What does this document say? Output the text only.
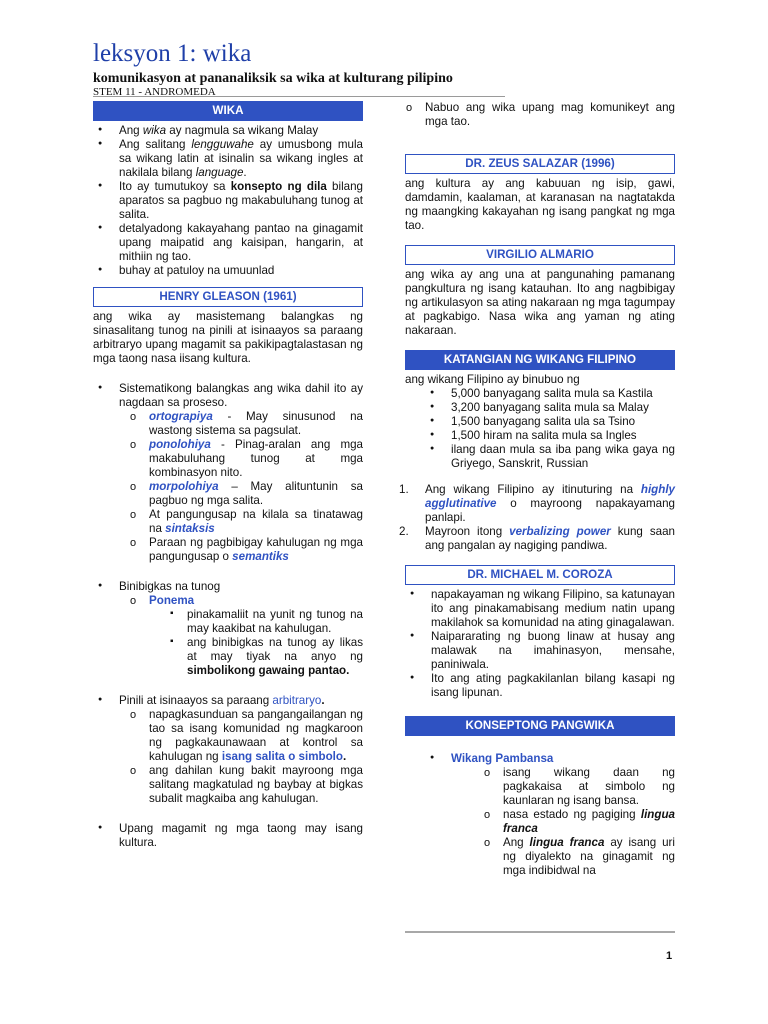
leksyon 1: wika
komunikasyon at pananaliksik sa wika at kulturang pilipino
STEM 11 - ANDROMEDA
WIKA
● Ang wika ay nagmula sa wikang Malay
● Ang salitang lengguwahe ay umusbong mula sa wikang latin at isinalin sa wikang ingles at nakilala bilang language.
● Ito ay tumutukoy sa konsepto ng dila bilang aparatos sa pagbuo ng makabuluhang tunog at salita.
● detalyadong kakayahang pantao na ginagamit upang maipatid ang kaisipan, hangarin, at mithiin ng tao.
● buhay at patuloy na umuunlad
HENRY GLEASON (1961)
ang wika ay masistemang balangkas ng sinasalitang tunog na pinili at isinaayos sa paraang arbitraryo upang magamit sa pakikipagtalastasan ng mga taong nasa iisang kultura.
● Sistematikong balangkas ang wika dahil ito ay nagdaan sa proseso.
o ortograpiya - May sinusunod na wastong sistema sa pagsulat.
o ponolohiya - Pinag-aralan ang mga makabuluhang tunog at mga kombinasyon nito.
o morpolohiya – May alituntunin sa pagbuo ng mga salita.
o At pangungusap na kilala sa tinatawag na sintaksis
o Paraan ng pagbibigay kahulugan ng mga pangungusap o semantiks
● Binibigkas na tunog
o Ponema
▪ pinakamaliit na yunit ng tunog na may kaakibat na kahulugan.
▪ ang binibigkas na tunog ay likas at may tiyak na anyo ng simbolikong gawaing pantao.
● Pinili at isinaayos sa paraang arbitraryo.
o napagkasunduan sa pangangailangan ng tao sa isang komunidad ng magkaroon ng pagkakaunawaan at kontrol sa kahulugan ng isang salita o simbolo.
o ang dahilan kung bakit mayroong mga salitang magkatulad ng baybay at bigkas subalit magkaiba ang kahulugan.
● Upang magamit ng mga taong may isang kultura.
o Nabuo ang wika upang mag komunikeyt ang mga tao.
DR. ZEUS SALAZAR (1996)
ang kultura ay ang kabuuan ng isip, gawi, damdamin, kaalaman, at karanasan na nagtatakda ng maangking kakayahan ng isang pangkat ng mga tao.
VIRGILIO ALMARIO
ang wika ay ang una at pangunahing pamanang pangkultura ng isang katauhan. Ito ang nagbibigay ng artikulasyon sa ating nakaraan ng mga tagumpay at pagkabigo. Nasa wika ang yaman ng ating nakaraan.
KATANGIAN NG WIKANG FILIPINO
ang wikang Filipino ay binubuo ng
● 5,000 banyagang salita mula sa Kastila
● 3,200 banyagang salita mula sa Malay
● 1,500 banyagang salita ula sa Tsino
● 1,500 hiram na salita mula sa Ingles
● ilang daan mula sa iba pang wika gaya ng Griyego, Sanskrit, Russian
1. Ang wikang Filipino ay itinuturing na highly agglutinative o mayroong napakayamang panlapi.
2. Mayroon itong verbalizing power kung saan ang pangalan ay nagiging pandiwa.
DR. MICHAEL M. COROZA
● napakayaman ng wikang Filipino, sa katunayan ito ang pinakamabisang medium natin upang makilahok sa komunidad na ating ginagalawan.
● Naipararating ng buong linaw at husay ang malawak na imahinasyon, mensahe, paniniwala.
● Ito ang ating pagkakilanlan bilang kasapi ng isang lipunan.
KONSEPTONG PANGWIKA
● Wikang Pambansa
o isang wikang daan ng pagkakaisa at simbolo ng kaunlaran ng isang bansa.
o nasa estado ng pagiging lingua franca
o Ang lingua franca ay isang uri ng diyalekto na ginagamit ng mga indibidwal na
1
